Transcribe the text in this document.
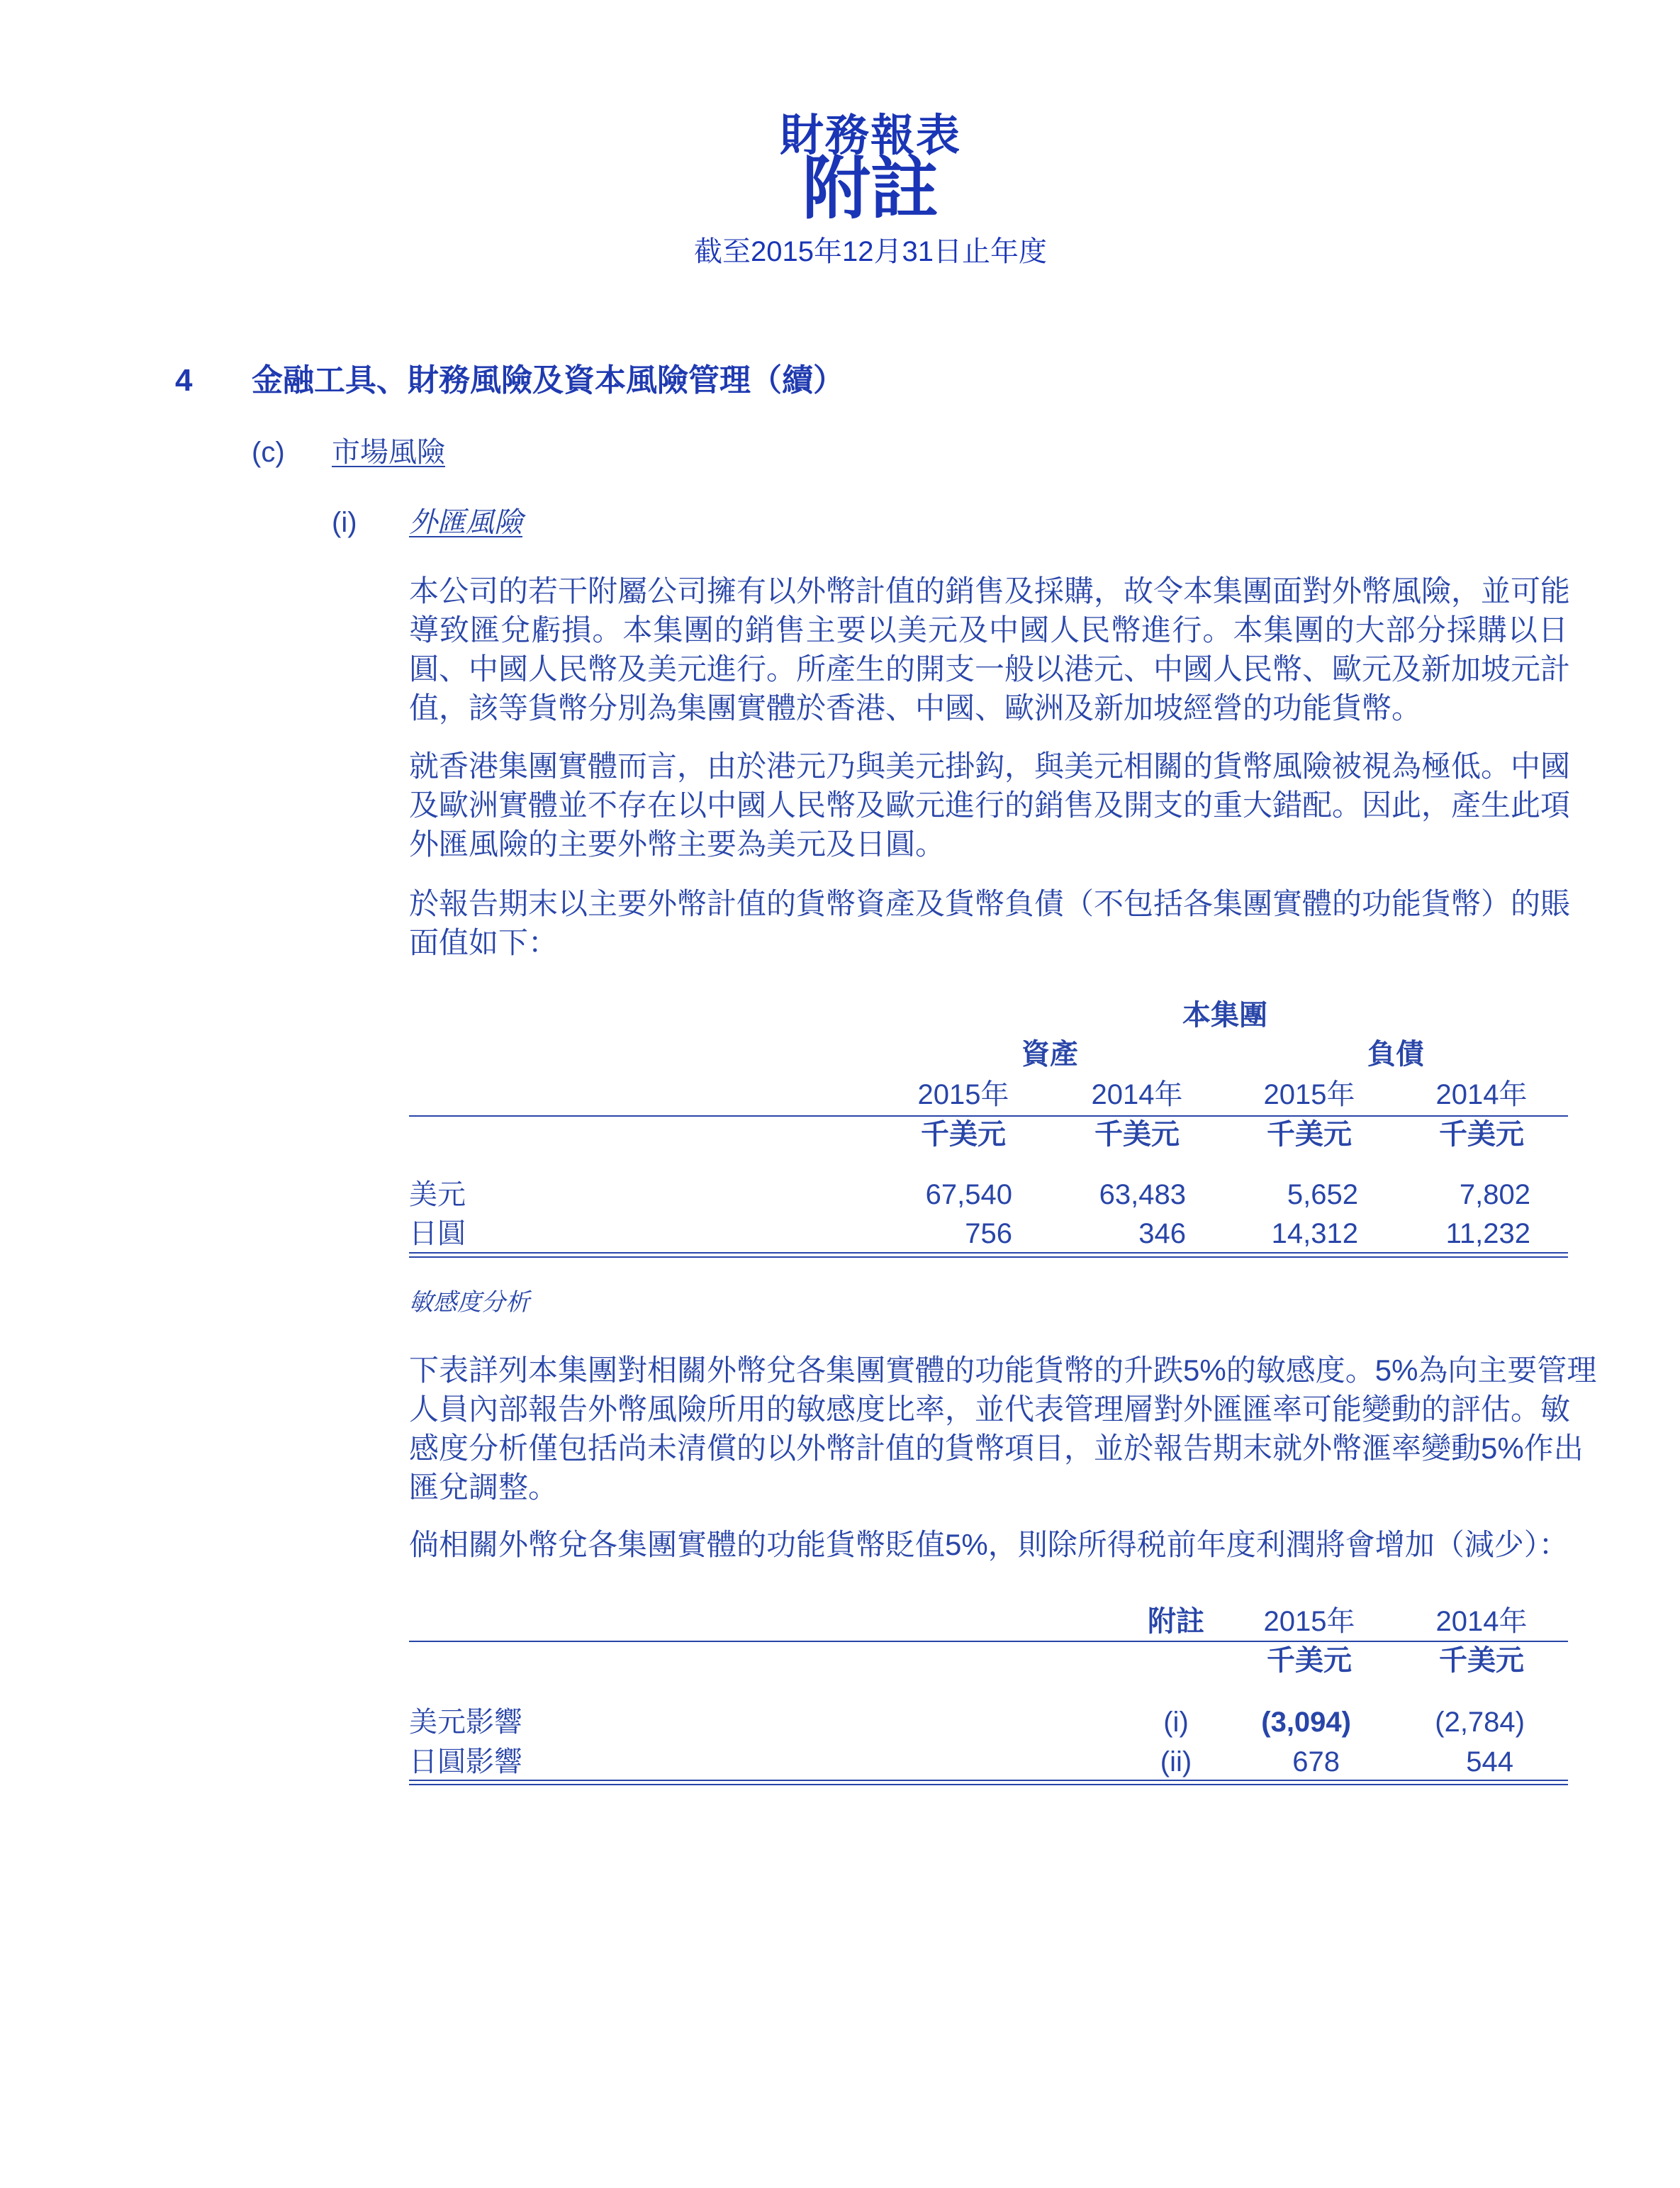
財務報表
附註
截至2015年12月31日止年度
4 金融工具、財務風險及資本風險管理（續）
(c) 市場風險
(i) 外匯風險
本公司的若干附屬公司擁有以外幣計值的銷售及採購，故令本集團面對外幣風險，並可能
導致匯兌虧損。本集團的銷售主要以美元及中國人民幣進行。本集團的大部分採購以日
圓、中國人民幣及美元進行。所產生的開支一般以港元、中國人民幣、歐元及新加坡元計
值，該等貨幣分別為集團實體於香港、中國、歐洲及新加坡經營的功能貨幣。
就香港集團實體而言，由於港元乃與美元掛鈎，與美元相關的貨幣風險被視為極低。中國
及歐洲實體並不存在以中國人民幣及歐元進行的銷售及開支的重大錯配。因此，產生此項
外匯風險的主要外幣主要為美元及日圓。
於報告期末以主要外幣計值的貨幣資產及貨幣負債（不包括各集團實體的功能貨幣）的賬
面值如下：
本集團
資產	負債
2015年	2014年	2015年	2014年
千美元	千美元	千美元	千美元
美元	67,540	63,483	5,652	7,802
日圓	756	346	14,312	11,232
敏感度分析
下表詳列本集團對相關外幣兌各集團實體的功能貨幣的升跌5%的敏感度。5%為向主要管理
人員內部報告外幣風險所用的敏感度比率，並代表管理層對外匯匯率可能變動的評估。敏
感度分析僅包括尚未清償的以外幣計值的貨幣項目，並於報告期末就外幣滙率變動5%作出
匯兌調整。
倘相關外幣兌各集團實體的功能貨幣貶值5%，則除所得税前年度利潤將會增加（減少）：
附註	2015年	2014年
千美元	千美元
美元影響	(i)	(3,094)	(2,784)
日圓影響	(ii)	678	544
